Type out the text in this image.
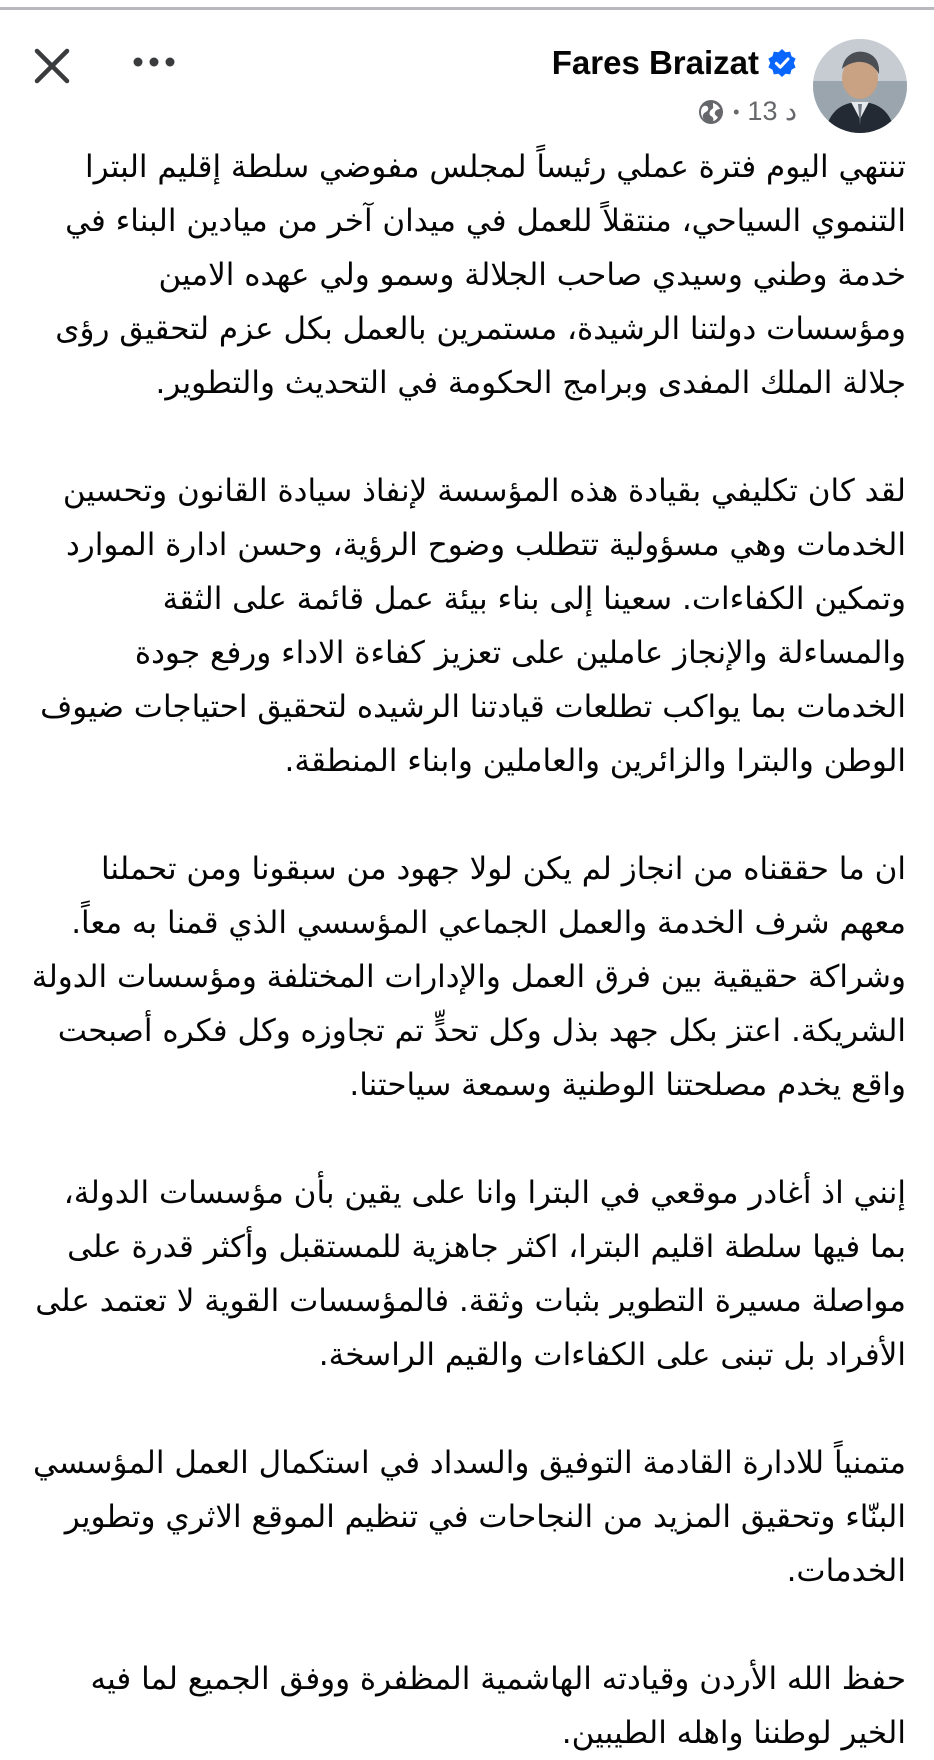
Fares Braizat
• 13 د

تنتهي اليوم فترة عملي رئيساً لمجلس مفوضي سلطة إقليم البترا التنموي السياحي، منتقلاً للعمل في ميدان آخر من ميادين البناء في خدمة وطني وسيدي صاحب الجلالة وسمو ولي عهده الامين ومؤسسات دولتنا الرشيدة، مستمرين بالعمل بكل عزم لتحقيق رؤى جلالة الملك المفدى وبرامج الحكومة في التحديث والتطوير.

لقد كان تكليفي بقيادة هذه المؤسسة لإنفاذ سيادة القانون وتحسين الخدمات وهي مسؤولية تتطلب وضوح الرؤية، وحسن ادارة الموارد وتمكين الكفاءات. سعينا إلى بناء بيئة عمل قائمة على الثقة والمساءلة والإنجاز عاملين على تعزيز كفاءة الاداء ورفع جودة الخدمات بما يواكب تطلعات قيادتنا الرشيده لتحقيق احتياجات ضيوف الوطن والبترا والزائرين والعاملين وابناء المنطقة.

ان ما حققناه من انجاز لم يكن لولا جهود من سبقونا ومن تحملنا معهم شرف الخدمة والعمل الجماعي المؤسسي الذي قمنا به معاً. وشراكة حقيقية بين فرق العمل والإدارات المختلفة ومؤسسات الدولة الشريكة. اعتز بكل جهد بذل وكل تحدٍّ تم تجاوزه وكل فكره أصبحت واقع يخدم مصلحتنا الوطنية وسمعة سياحتنا.

إنني اذ أغادر موقعي في البترا وانا على يقين بأن مؤسسات الدولة، بما فيها سلطة اقليم البترا، اكثر جاهزية للمستقبل وأكثر قدرة على مواصلة مسيرة التطوير بثبات وثقة. فالمؤسسات القوية لا تعتمد على الأفراد بل تبنى على الكفاءات والقيم الراسخة.

متمنياً للادارة القادمة التوفيق والسداد في استكمال العمل المؤسسي البنّاء وتحقيق المزيد من النجاحات في تنظيم الموقع الاثري وتطوير الخدمات.

حفظ الله الأردن وقيادته الهاشمية المظفرة ووفق الجميع لما فيه الخير لوطننا واهله الطيبين.
